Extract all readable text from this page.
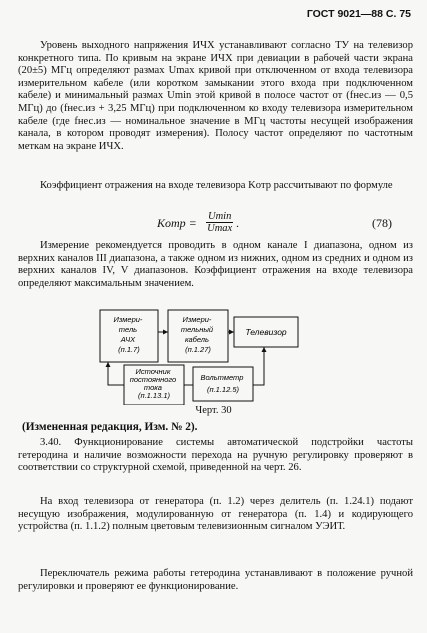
ГОСТ 9021—88 С. 75

Уровень выходного напряжения ИЧХ устанавливают согласно ТУ на телевизор конкретного типа. По кривым на экране ИЧХ при девиации в рабочей части экрана (20±5) МГц определяют размах Umax кривой при отключенном от входа телевизора измерительном кабеле (или коротком замыкании этого входа при подключенном кабеле) и минимальный размах Umin этой кривой в полосе частот от (fнес.из — 0,5 МГц) до (fнес.из + 3,25 МГц) при подключенном ко входу телевизора измерительном кабеле (где fнес.из — номинальное значение в МГц частоты несущей изображения канала, в котором проводят измерения). Полосу частот определяют по частотным меткам на экране ИЧХ.

Коэффициент отражения на входе телевизора Kотр рассчитывают по формуле

Kотр = Umin
Umax .	(78)

Измерение рекомендуется проводить в одном канале I диапазона, одном из верхних каналов III диапазона, а также одном из нижних, одном из средних и одном из верхних каналов IV, V диапазонов. Коэффициент отражения на входе телевизора определяют максимальным значением.

Измери- тель АЧХ (п.1.7)
Измери- тельный кабель (п.1.27)
Телевизор
Источник постоянного тока (п.1.13.1)
Вольтметр (п.1.12.5)
Черт. 30
(Измененная редакция, Изм. № 2).

3.40. Функционирование системы автоматической подстройки частоты гетеродина и наличие возможности перехода на ручную регулировку проверяют в соответствии со структурной схемой, приведенной на черт. 26.

На вход телевизора от генератора (п. 1.2) через делитель (п. 1.24.1) подают несущую изображения, модулированную от генератора (п. 1.4) и кодирующего устройства (п. 1.1.2) полным цветовым телевизионным сигналом УЭИТ.

Переключатель режима работы гетеродина устанавливают в положение ручной регулировки и проверяют ее функционирование.
